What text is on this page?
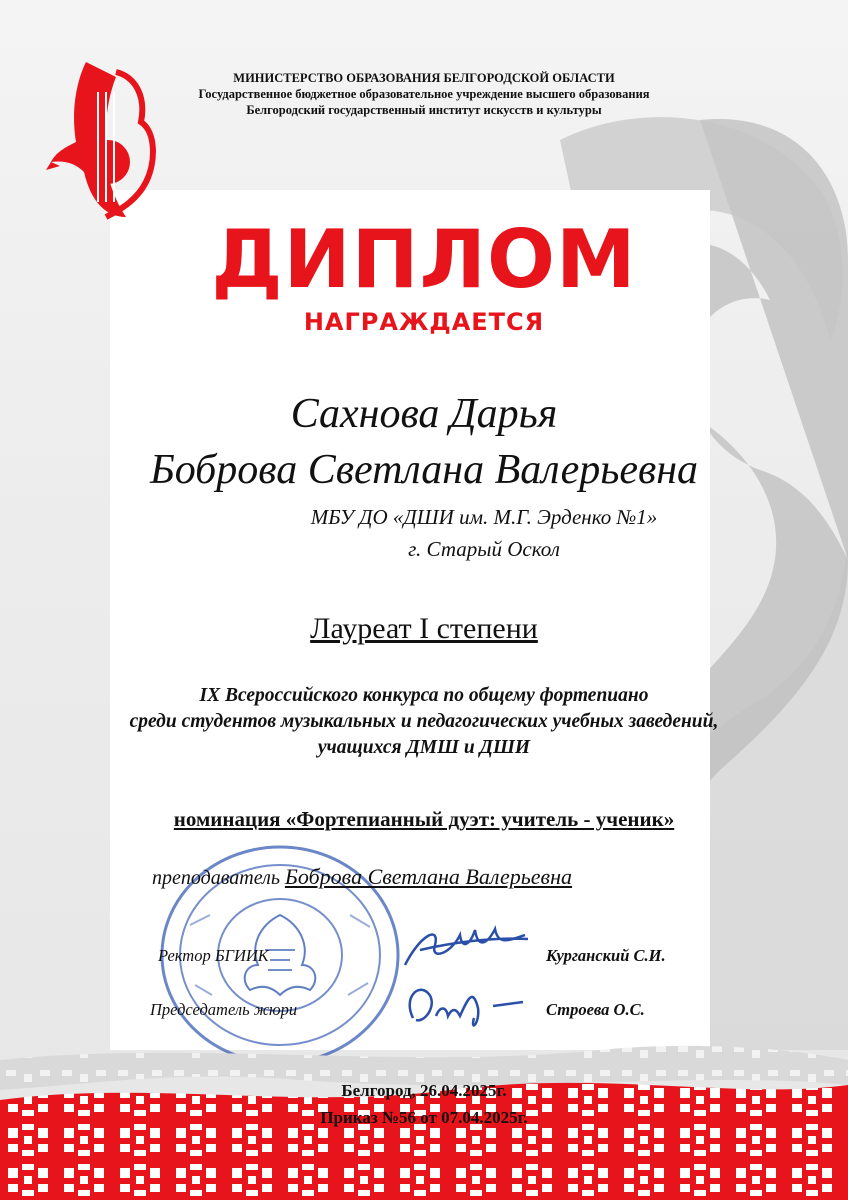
МИНИСТЕРСТВО ОБРАЗОВАНИЯ БЕЛГОРОДСКОЙ ОБЛАСТИ
Государственное бюджетное образовательное учреждение высшего образования
Белгородский государственный институт искусств и культуры
ДИПЛОМ
НАГРАЖДАЕТСЯ
Сахнова Дарья
Боброва Светлана Валерьевна
МБУ ДО «ДШИ им. М.Г. Эрденко №1»
г. Старый Оскол
Лауреат I степени
IX Всероссийского конкурса по общему фортепиано
среди студентов музыкальных и педагогических учебных заведений,
учащихся ДМШ и ДШИ
номинация «Фортепианный дуэт: учитель - ученик»
преподаватель Боброва Светлана Валерьевна
Ректор БГИИК	Курганский С.И.
Председатель жюри	Строева О.С.
Белгород, 26.04.2025г.
Приказ №56 от 07.04.2025г.
